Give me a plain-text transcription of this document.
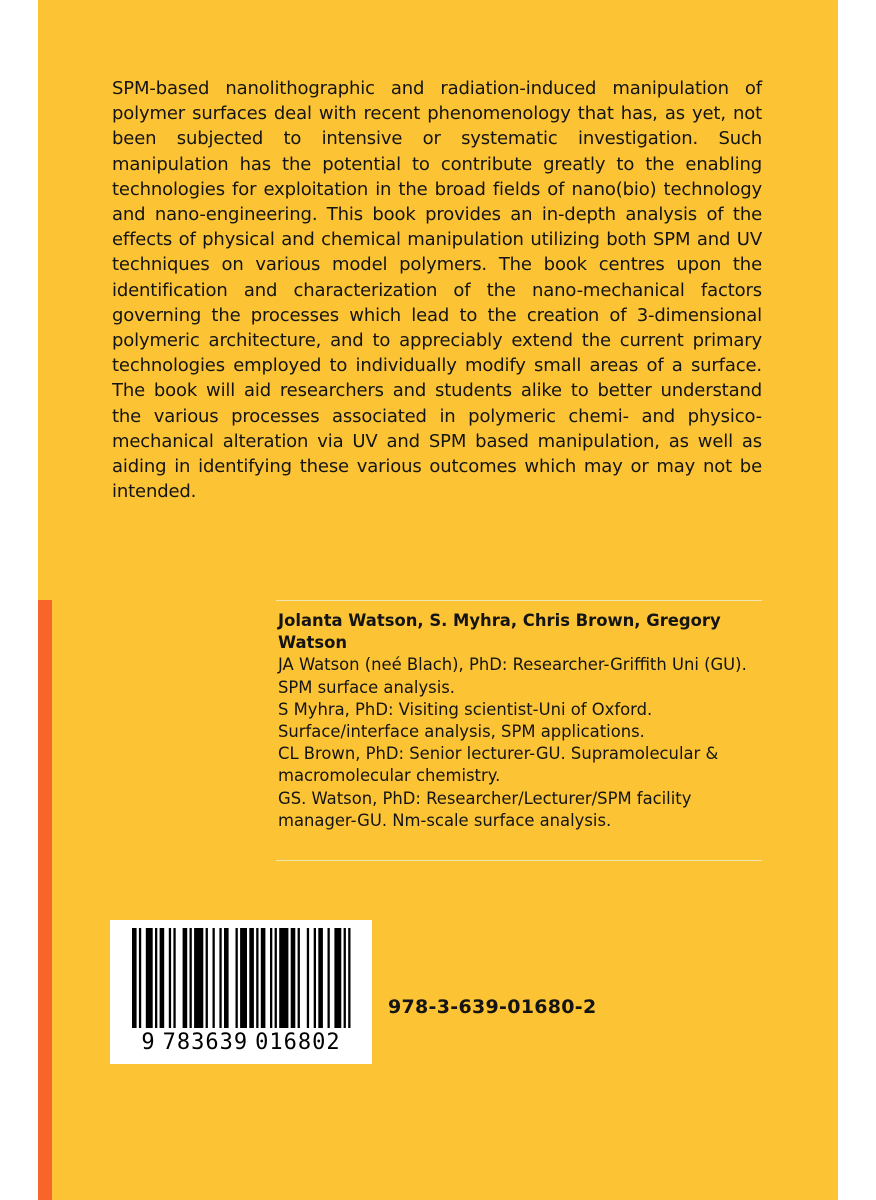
SPM-based nanolithographic and radiation-induced manipulation of polymer surfaces deal with recent phenomenology that has, as yet, not been subjected to intensive or systematic investigation. Such manipulation has the potential to contribute greatly to the enabling technologies for exploitation in the broad fields of nano(bio) technology and nano-engineering. This book provides an in-depth analysis of the effects of physical and chemical manipulation utilizing both SPM and UV techniques on various model polymers. The book centres upon the identification and characterization of the nano-mechanical factors governing the processes which lead to the creation of 3-dimensional polymeric architecture, and to appreciably extend the current primary technologies employed to individually modify small areas of a surface. The book will aid researchers and students alike to better understand the various processes associated in polymeric chemi- and physico-mechanical alteration via UV and SPM based manipulation, as well as aiding in identifying these various outcomes which may or may not be intended.

Jolanta Watson, S. Myhra, Chris Brown, Gregory Watson

JA Watson (neé Blach), PhD: Researcher-Griffith Uni (GU). SPM surface analysis.

S Myhra, PhD: Visiting scientist-Uni of Oxford. Surface/interface analysis, SPM applications.

CL Brown, PhD: Senior lecturer-GU. Supramolecular & macromolecular chemistry.

GS. Watson, PhD: Researcher/Lecturer/SPM facility manager-GU. Nm-scale surface analysis.

9 783639 016802
978-3-639-01680-2
